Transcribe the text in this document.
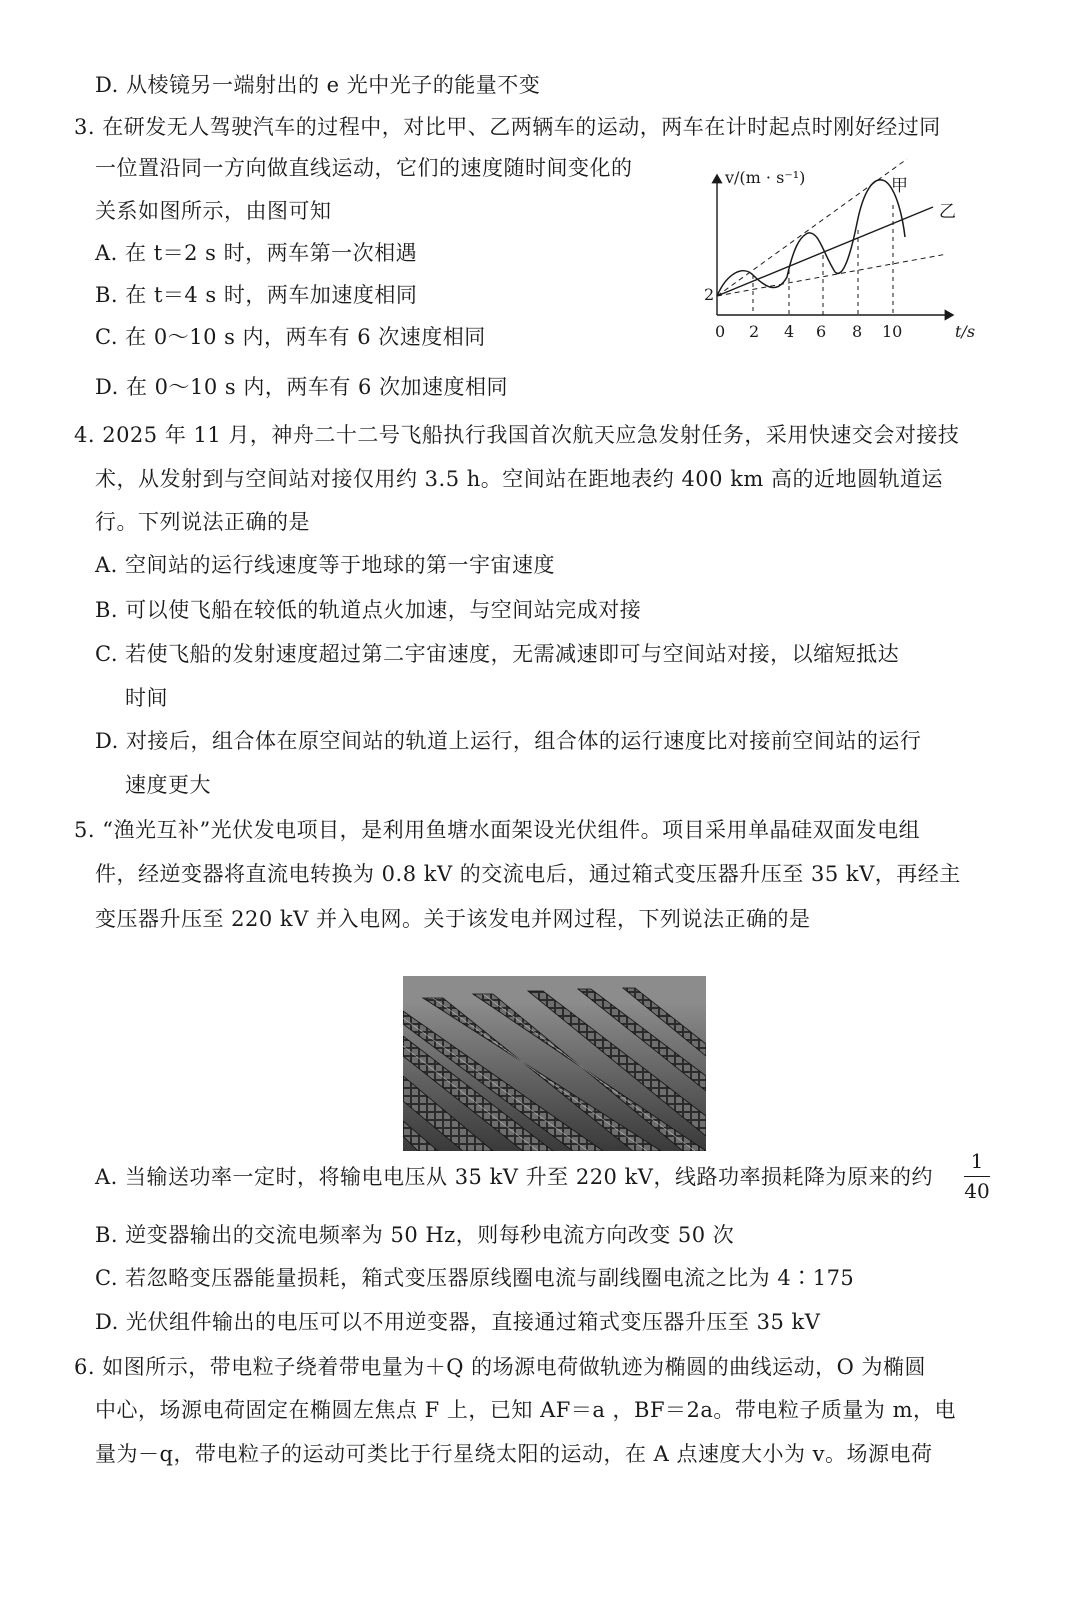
D. 从棱镜另一端射出的 e 光中光子的能量不变
3. 在研发无人驾驶汽车的过程中，对比甲、乙两辆车的运动，两车在计时起点时刚好经过同
一位置沿同一方向做直线运动，它们的速度随时间变化的
关系如图所示，由图可知
A. 在 t＝2 s 时，两车第一次相遇
B. 在 t＝4 s 时，两车加速度相同
C. 在 0～10 s 内，两车有 6 次速度相同
D. 在 0～10 s 内，两车有 6 次加速度相同
v/(m · s⁻¹)
t/s
0
2
2 4 6 8 10
甲
乙
4. 2025 年 11 月，神舟二十二号飞船执行我国首次航天应急发射任务，采用快速交会对接技
术，从发射到与空间站对接仅用约 3.5 h。空间站在距地表约 400 km 高的近地圆轨道运
行。下列说法正确的是
A. 空间站的运行线速度等于地球的第一宇宙速度
B. 可以使飞船在较低的轨道点火加速，与空间站完成对接
C. 若使飞船的发射速度超过第二宇宙速度，无需减速即可与空间站对接，以缩短抵达
时间
D. 对接后，组合体在原空间站的轨道上运行，组合体的运行速度比对接前空间站的运行
速度更大
5. “渔光互补”光伏发电项目，是利用鱼塘水面架设光伏组件。项目采用单晶硅双面发电组
件，经逆变器将直流电转换为 0.8 kV 的交流电后，通过箱式变压器升压至 35 kV，再经主
变压器升压至 220 kV 并入电网。关于该发电并网过程，下列说法正确的是
A. 当输送功率一定时，将输电电压从 35 kV 升至 220 kV，线路功率损耗降为原来的约
1
40
B. 逆变器输出的交流电频率为 50 Hz，则每秒电流方向改变 50 次
C. 若忽略变压器能量损耗，箱式变压器原线圈电流与副线圈电流之比为 4∶175
D. 光伏组件输出的电压可以不用逆变器，直接通过箱式变压器升压至 35 kV
6. 如图所示，带电粒子绕着带电量为＋Q 的场源电荷做轨迹为椭圆的曲线运动，O 为椭圆
中心，场源电荷固定在椭圆左焦点 F 上，已知 AF＝a ，BF＝2a。带电粒子质量为 m，电
量为－q，带电粒子的运动可类比于行星绕太阳的运动，在 A 点速度大小为 v。场源电荷
